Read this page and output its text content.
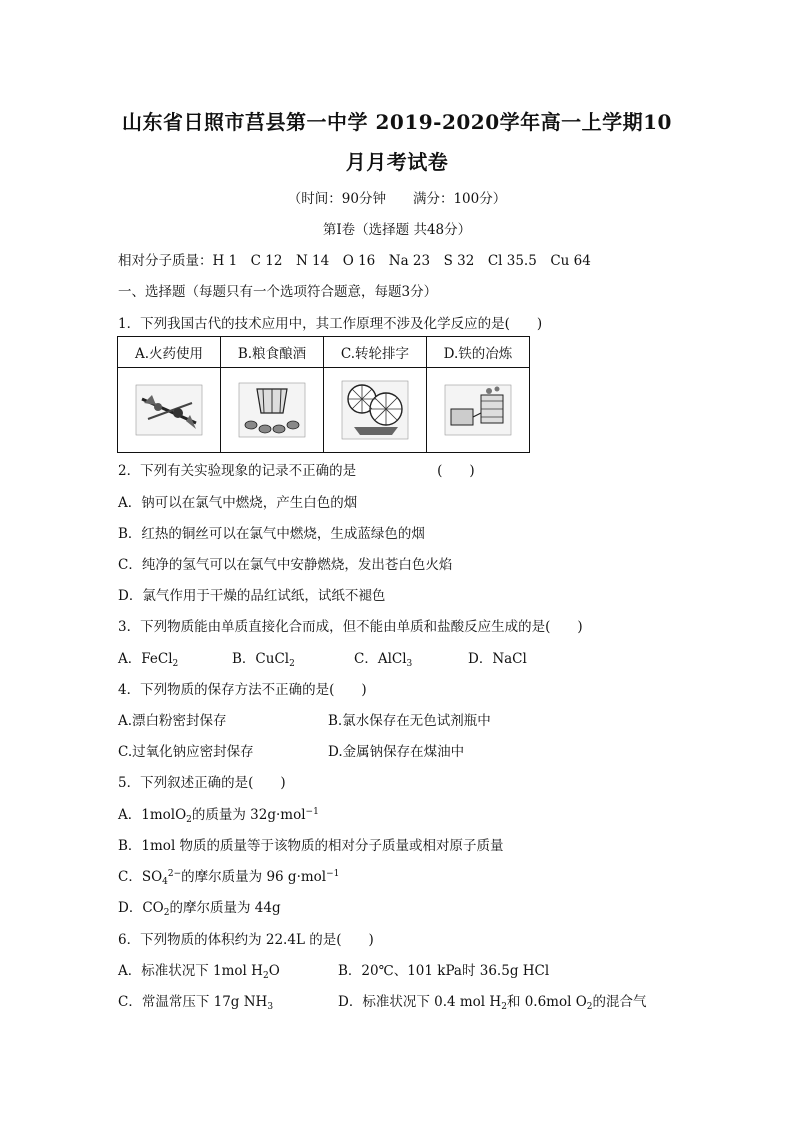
山东省日照市莒县第一中学 2019-2020学年高一上学期10
月月考试卷
（时间：90分钟　　满分：100分）
第Ⅰ卷（选择题 共48分）
相对分子质量：H 1　C 12　N 14　O 16　Na 23　S 32　Cl 35.5　Cu 64
一、选择题（每题只有一个选项符合题意，每题3分）
1．下列我国古代的技术应用中，其工作原理不涉及化学反应的是(　　)
A.火药使用	B.粮食酿酒	C.转轮排字	D.铁的冶炼

2．下列有关实验现象的记录不正确的是　　　　　　(　　)
A．钠可以在氯气中燃烧，产生白色的烟
B．红热的铜丝可以在氯气中燃烧，生成蓝绿色的烟
C．纯净的氢气可以在氯气中安静燃烧，发出苍白色火焰
D．氯气作用于干燥的品红试纸，试纸不褪色
3．下列物质能由单质直接化合而成，但不能由单质和盐酸反应生成的是(　　)
A．FeCl$_2$	B．CuCl$_2$	C．AlCl$_3$	D．NaCl
4．下列物质的保存方法不正确的是(　　)
A.漂白粉密封保存	B.氯水保存在无色试剂瓶中
C.过氧化钠应密封保存	D.金属钠保存在煤油中
5．下列叙述正确的是(　　)
A．1molO$_2$的质量为 32g·mol$^{-1}$
B．1mol 物质的质量等于该物质的相对分子质量或相对原子质量
C．$SO_4^{2-}$的摩尔质量为 96 g·mol$^{-1}$
D．$CO_2$的摩尔质量为 44g
6．下列物质的体积约为 22.4L 的是(　　)
A．标准状况下 1mol $H_2O$	B．20℃、101 kPa时 36.5g HCl
C．常温常压下 17g $NH_3$	D．标准状况下 0.4 mol $H_2$和 0.6mol $O_2$的混合气
